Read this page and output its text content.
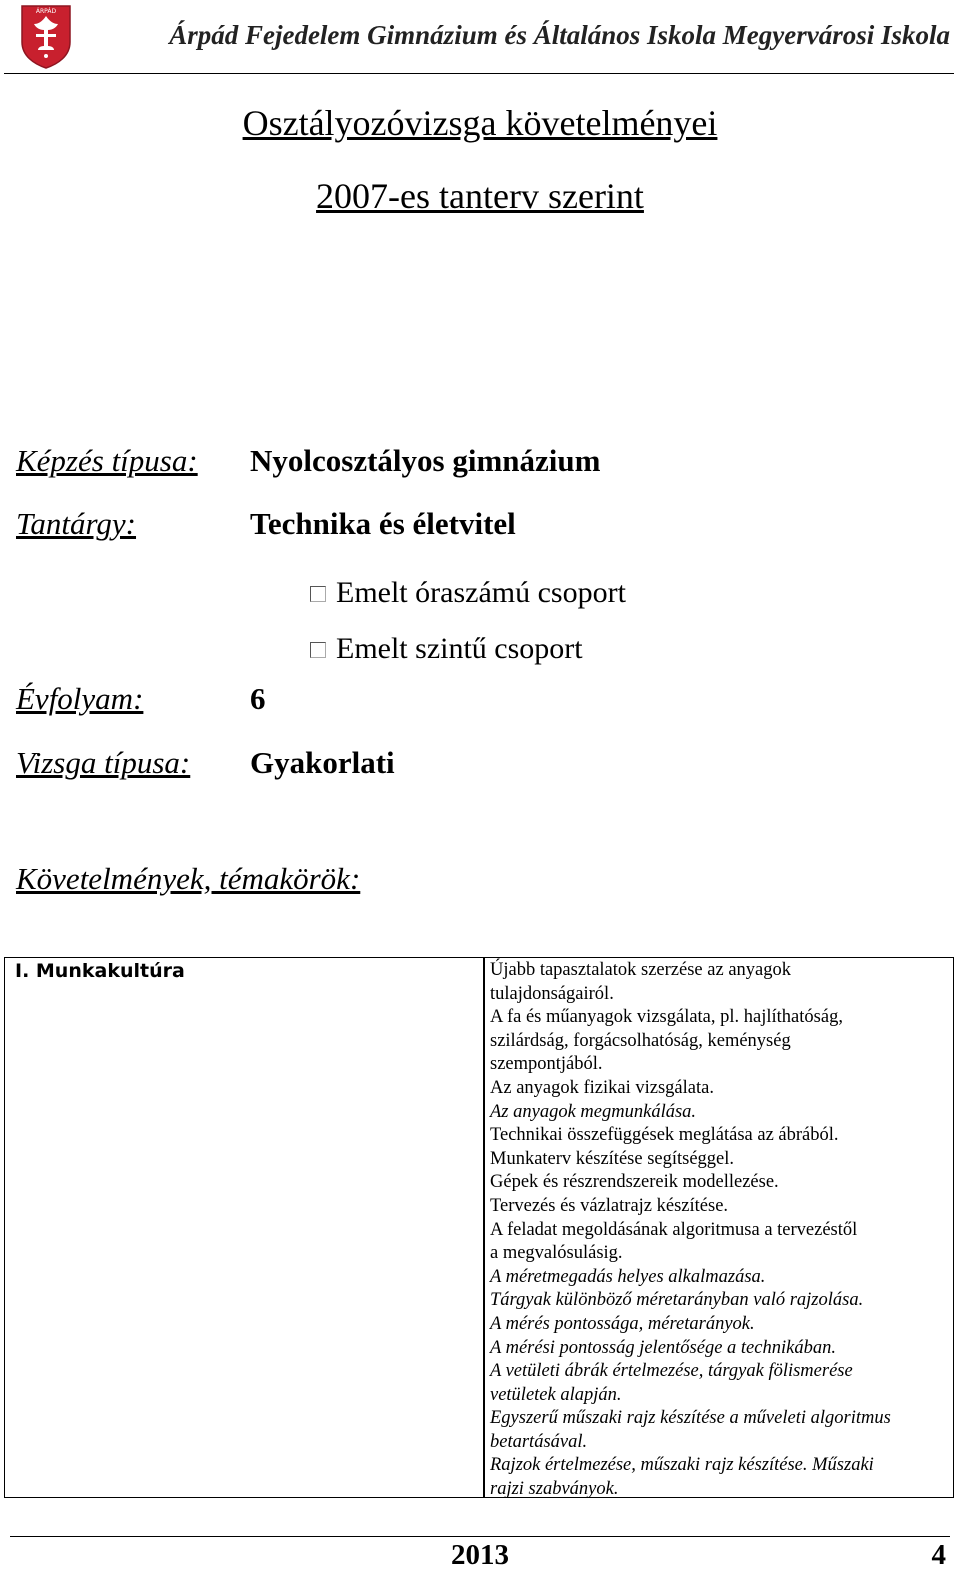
ÁRPÁD
Árpád Fejedelem Gimnázium és Általános Iskola Megyervárosi Iskola
Osztályozóvizsga követelményei
2007-es tanterv szerint
Képzés típusa: Nyolcosztályos gimnázium
Tantárgy:	Technika és életvitel
Emelt óraszámú csoport
Emelt szintű csoport
Évfolyam:	6
Vizsga típusa: Gyakorlati
Követelmények, témakörök:
I. Munkakultúra	Újabb tapasztalatok szerzése az anyagok
tulajdonságairól.
A fa és műanyagok vizsgálata, pl. hajlíthatóság,
szilárdság, forgácsolhatóság, keménység
szempontjából.
Az anyagok fizikai vizsgálata.
Az anyagok megmunkálása.
Technikai összefüggések meglátása az ábrából.
Munkaterv készítése segítséggel.
Gépek és részrendszereik modellezése.
Tervezés és vázlatrajz készítése.
A feladat megoldásának algoritmusa a tervezéstől
a megvalósulásig.
A méretmegadás helyes alkalmazása.
Tárgyak különböző méretarányban való rajzolása.
A mérés pontossága, méretarányok.
A mérési pontosság jelentősége a technikában.
A vetületi ábrák értelmezése, tárgyak fölismerése
vetületek alapján.
Egyszerű műszaki rajz készítése a műveleti algoritmus
betartásával.
Rajzok értelmezése, műszaki rajz készítése. Műszaki
rajzi szabványok.
2013	4
